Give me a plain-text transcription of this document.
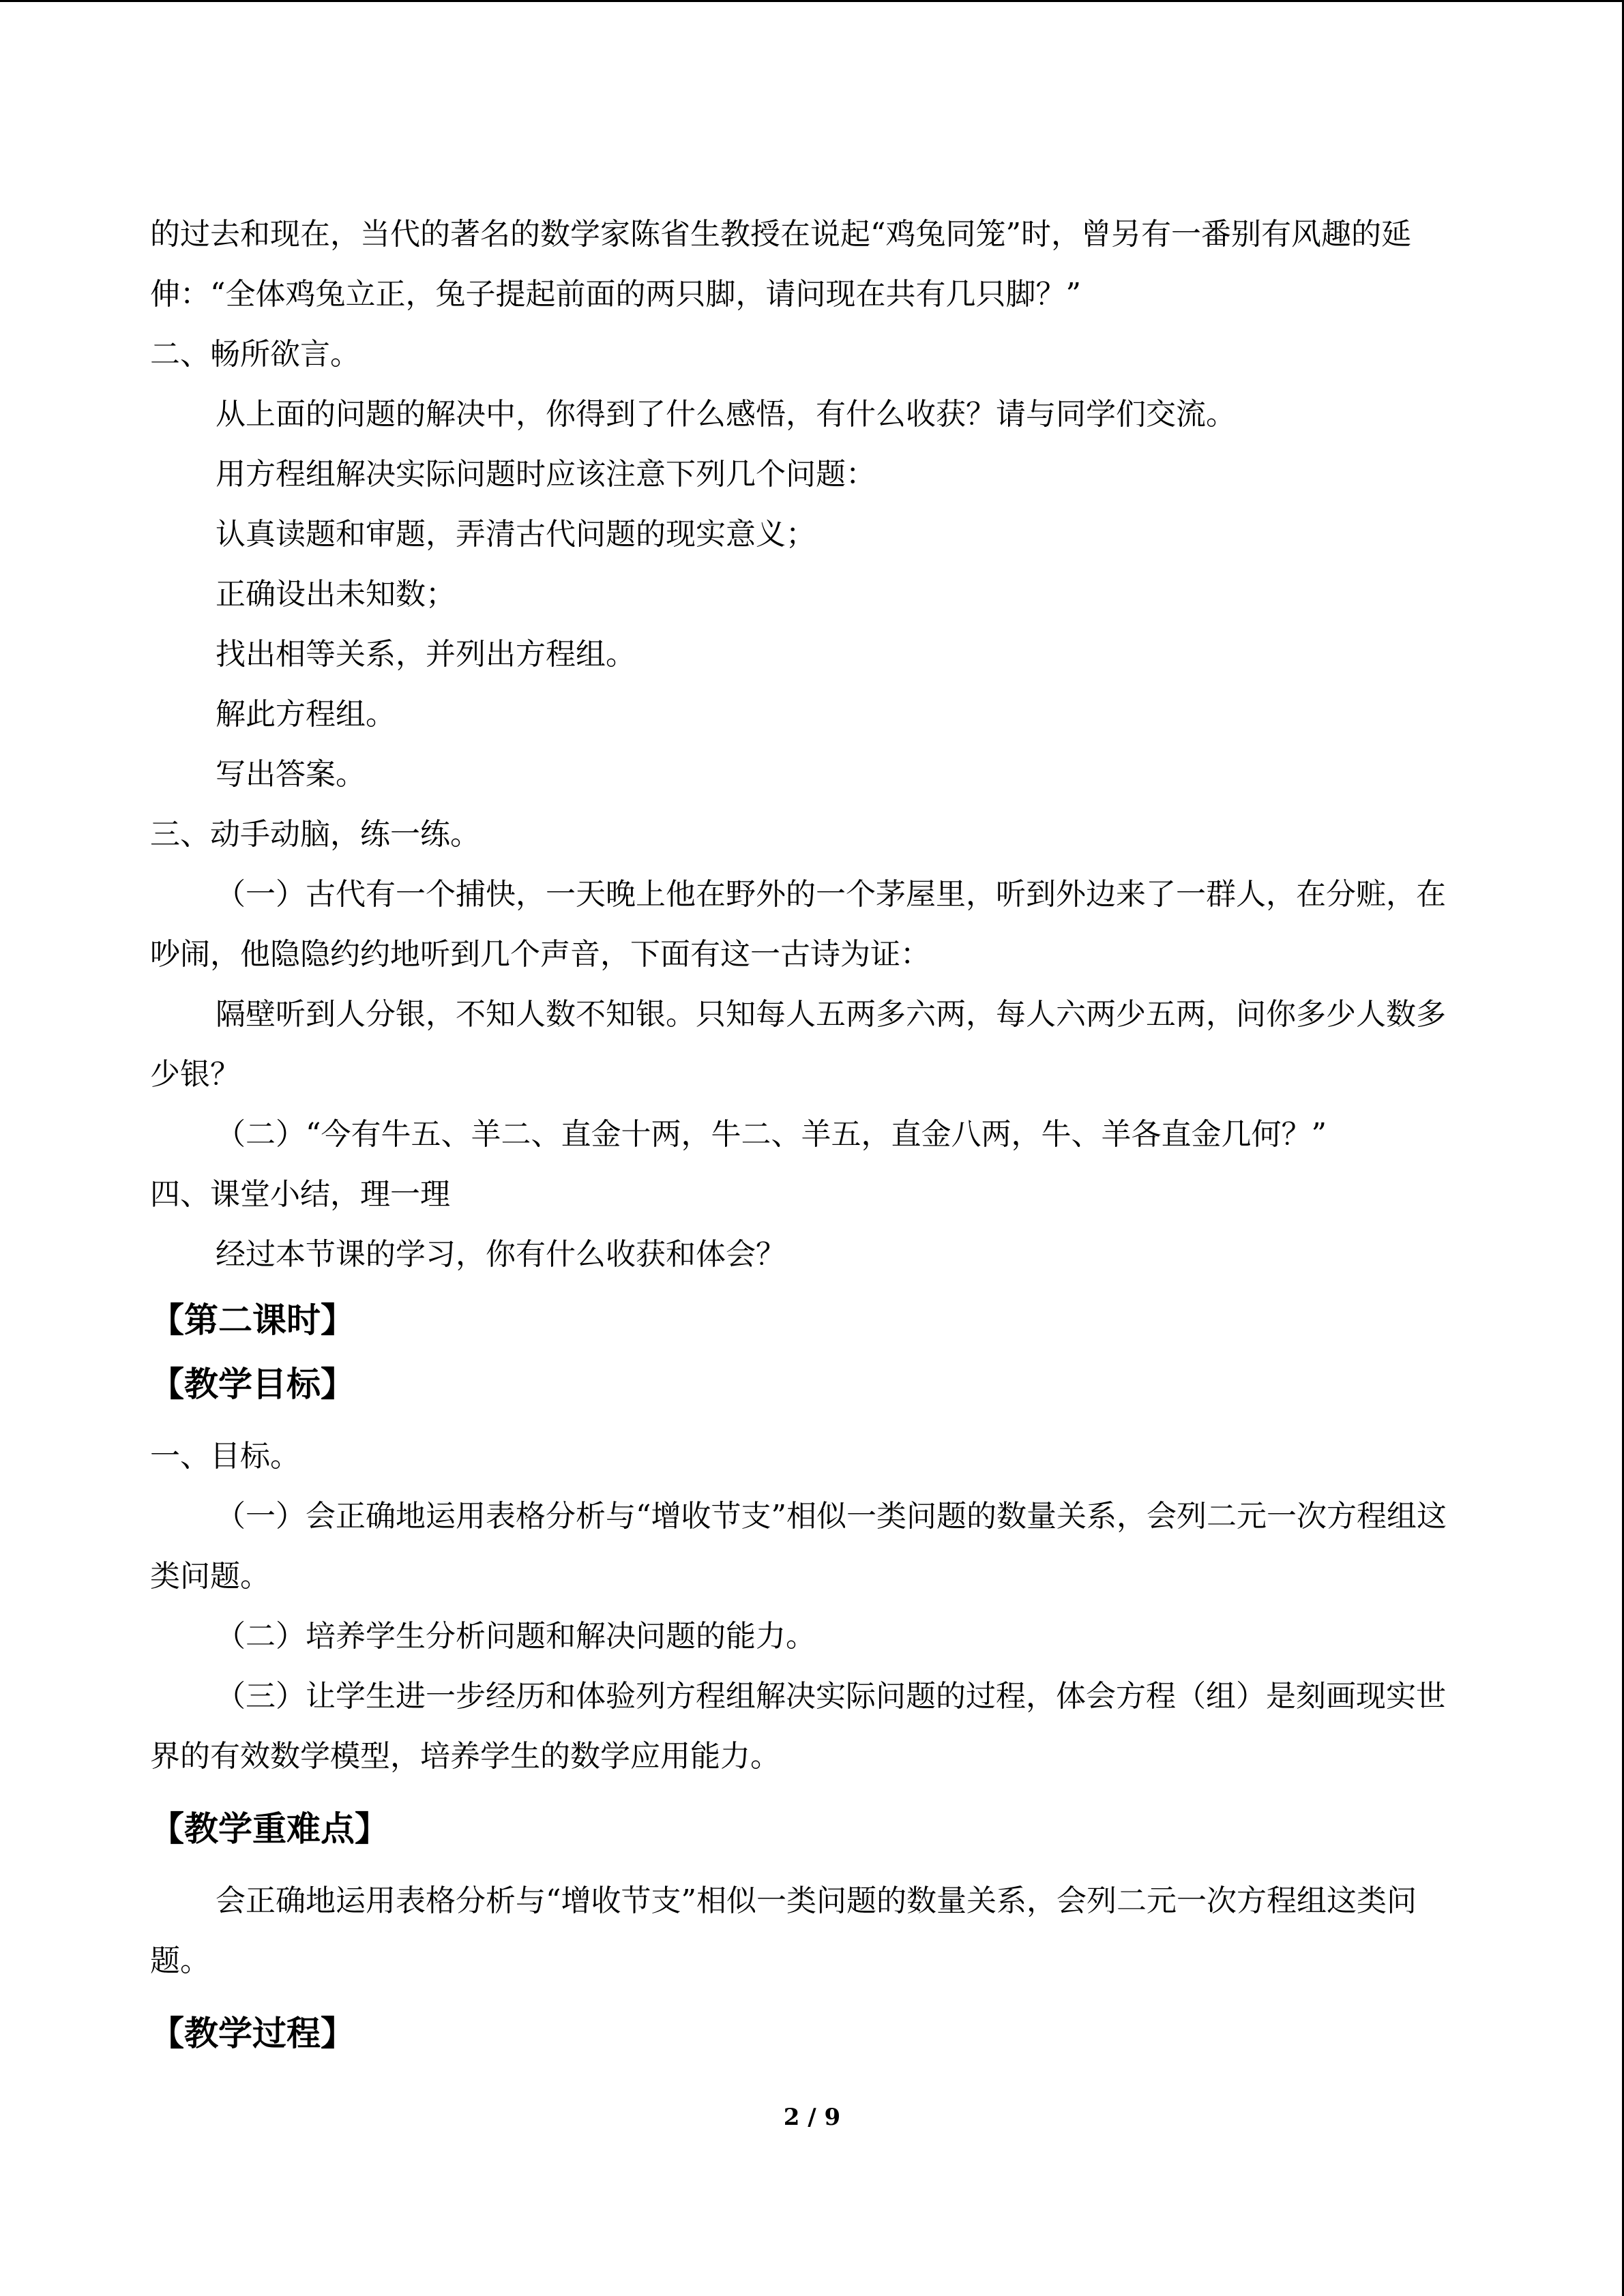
的过去和现在，当代的著名的数学家陈省生教授在说起“鸡兔同笼”时，曾另有一番别有风趣的延伸：“全体鸡兔立正，兔子提起前面的两只脚，请问现在共有几只脚？”

二、畅所欲言。

从上面的问题的解决中，你得到了什么感悟，有什么收获？请与同学们交流。

用方程组解决实际问题时应该注意下列几个问题：

认真读题和审题，弄清古代问题的现实意义；

正确设出未知数；

找出相等关系，并列出方程组。

解此方程组。

写出答案。

三、动手动脑，练一练。

（一）古代有一个捕快，一天晚上他在野外的一个茅屋里，听到外边来了一群人，在分赃，在吵闹，他隐隐约约地听到几个声音，下面有这一古诗为证：

隔壁听到人分银，不知人数不知银。只知每人五两多六两，每人六两少五两，问你多少人数多少银？

（二）“今有牛五、羊二、直金十两，牛二、羊五，直金八两，牛、羊各直金几何？”

四、课堂小结，理一理

经过本节课的学习，你有什么收获和体会？

【第二课时】
【教学目标】

一、目标。

（一）会正确地运用表格分析与“增收节支”相似一类问题的数量关系，会列二元一次方程组这类问题。

（二）培养学生分析问题和解决问题的能力。

（三）让学生进一步经历和体验列方程组解决实际问题的过程，体会方程（组）是刻画现实世界的有效数学模型，培养学生的数学应用能力。

【教学重难点】

会正确地运用表格分析与“增收节支”相似一类问题的数量关系，会列二元一次方程组这类问题。

【教学过程】
2 / 9
